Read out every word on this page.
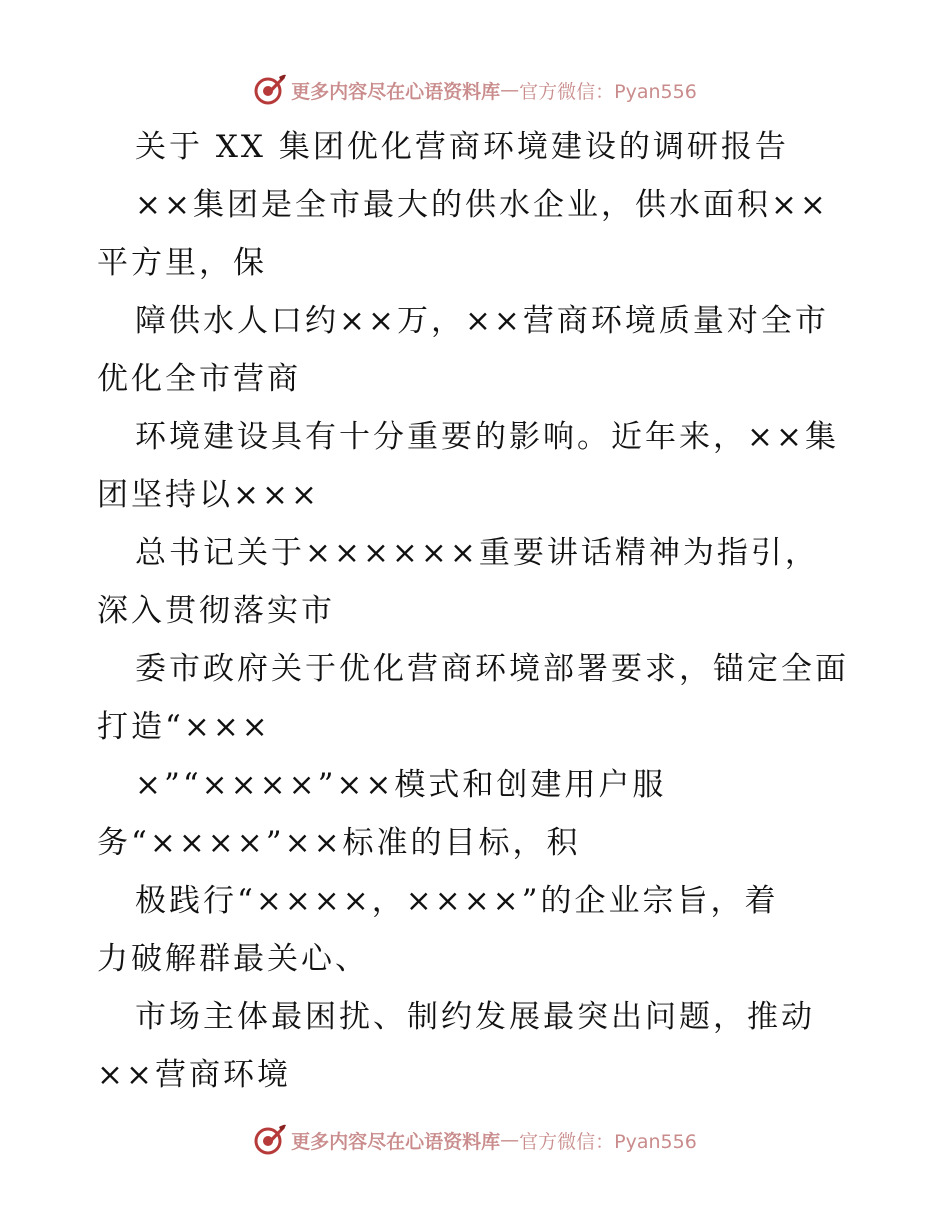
更多内容尽在心语资料库 — 官方微信：Pyan556
关于 XX 集团优化营商环境建设的调研报告
××集团是全市最大的供水企业，供水面积××
平方里，保
障供水人口约××万，××营商环境质量对全市
优化全市营商
环境建设具有十分重要的影响。近年来，××集
团坚持以×××
总书记关于××××××重要讲话精神为指引，
深入贯彻落实市
委市政府关于优化营商环境部署要求，锚定全面
打造“×××
×”“××××”××模式和创建用户服
务“××××”××标准的目标，积
极践行“××××，××××”的企业宗旨，着
力破解群最关心、
市场主体最困扰、制约发展最突出问题，推动
××营商环境
更多内容尽在心语资料库 — 官方微信：Pyan556
